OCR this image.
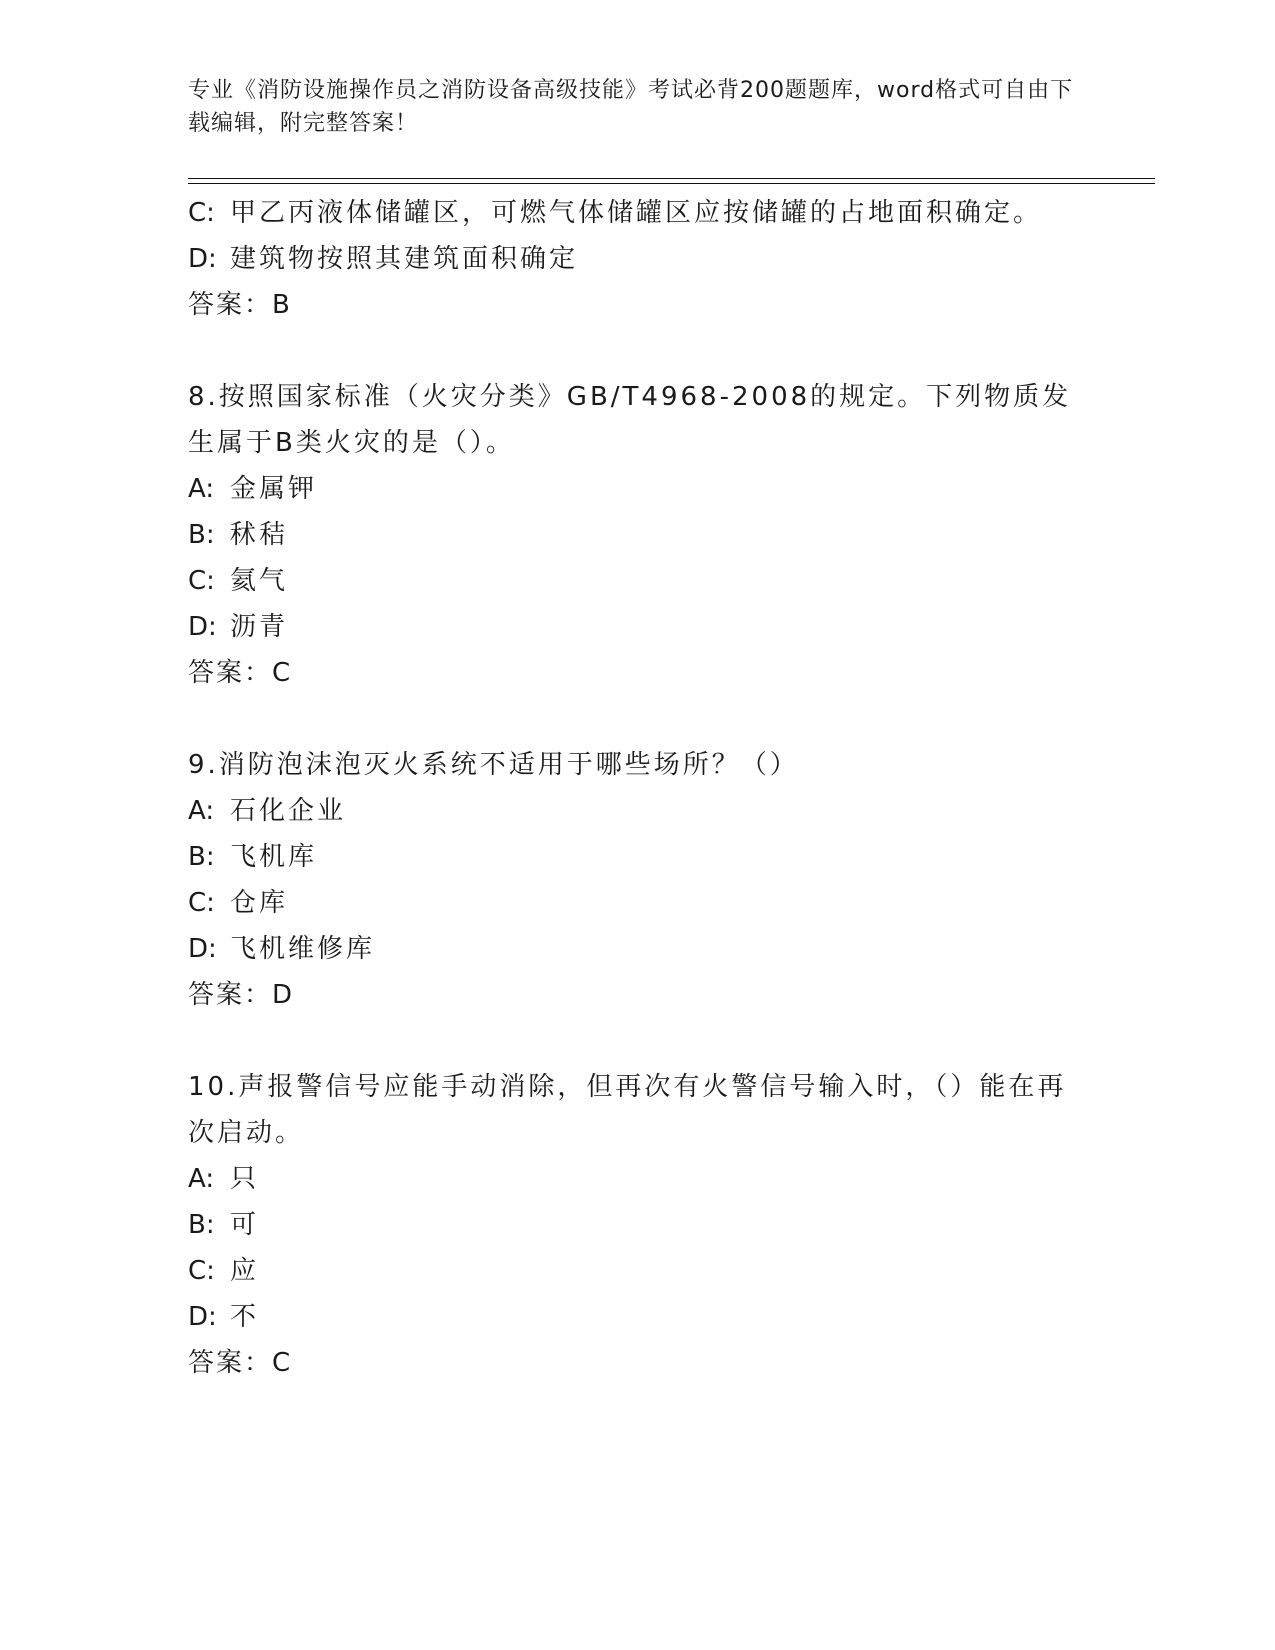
专业《消防设施操作员之消防设备高级技能》考试必背200题题库，word格式可自由下载编辑，附完整答案！
C: 甲乙丙液体储罐区，可燃气体储罐区应按储罐的占地面积确定。
D: 建筑物按照其建筑面积确定
答案：B
8.按照国家标准（火灾分类》GB/T4968-2008的规定。下列物质发生属于B类火灾的是（）。
A: 金属钾
B: 秫秸
C: 氦气
D: 沥青
答案：C
9.消防泡沫泡灭火系统不适用于哪些场所？（）
A: 石化企业
B: 飞机库
C: 仓库
D: 飞机维修库
答案：D
10.声报警信号应能手动消除，但再次有火警信号输入时，（）能在再次启动。
A: 只
B: 可
C: 应
D: 不
答案：C
